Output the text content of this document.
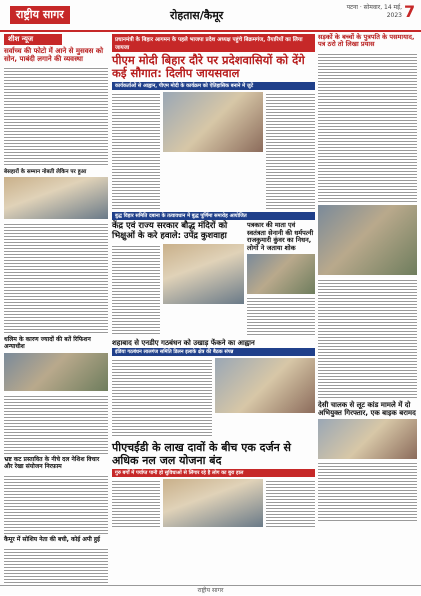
राष्ट्रीय सागर	रोहतास/कैमूर
पटना · सोमवार, 14 मई, 2023 7
शीश न्यूज
सर्वाच्च की फोटो में आने से मुसवस को सोन, पाबंदी लगाने की व्यवस्था
बेसहारों के सम्मान नोबती लेकिन पर हुआ
धलिम के कारण ज्यादों की बतें रिफिशन अन्याधीश
भ्रष्ट कट प्रस्तावित के नीचे दल नेशिश विचार और रेखा संयोजन निरफ़ाम
कैमूर में सोशिय नेता की बची, कोई अपी हुई
प्रधानमंत्री के बिहार आगमन के पहले भाजपा प्रदेश अध्यक्ष पहुंचे बिक्रमगंज, तैयारियों का लिया जायजा
पीएम मोदी बिहार दौरे पर प्रदेशवासियों को देंगे कई सौगात: दिलीप जायसवाल
कार्यकर्ताओं से आह्वान, पीएम मोदी के कार्यक्रम को ऐतिहासिक बनाने में जुटें
बुद्ध विहार समिति दबाना के तत्वावधान में बुद्ध पूर्णिमा समारोह आयोजित
केंद्र एवं राज्य सरकार बौद्ध मंदिरों को भिक्षुओं के करे हवाले: उपेंद्र कुशवाहा
पत्रकार की माता एवं स्वतंत्रता सेनानी की धर्मपत्नी राजकुमारी कुंवर का निधन, लोगों ने जताया शोक
शहाबाद से एनडीए गठबंधन को उखाड़ फेंकने का आह्वान
इंडिया गठबंधन लालगंज समिति डिलन इलाके क्षेत्र की बैठक संपन्न
पीएचईडी के लाख दावों के बीच एक दर्जन से अधिक नल जल योजना बंद
गुरु बर्गों में पर्याप्त पानी हो सुविधाओं से लिंगार रहे है लोग का बुरा हाल
सड़कों के बच्चों के पुत्रपति के पसमायाद, पत्र ठरो तो लिखा प्रयास
देसी चालक से लूट कांड मामले में दो अभियुक्त गिरफ्तार, एक बाइक बरामद
राष्ट्रीय सागर
